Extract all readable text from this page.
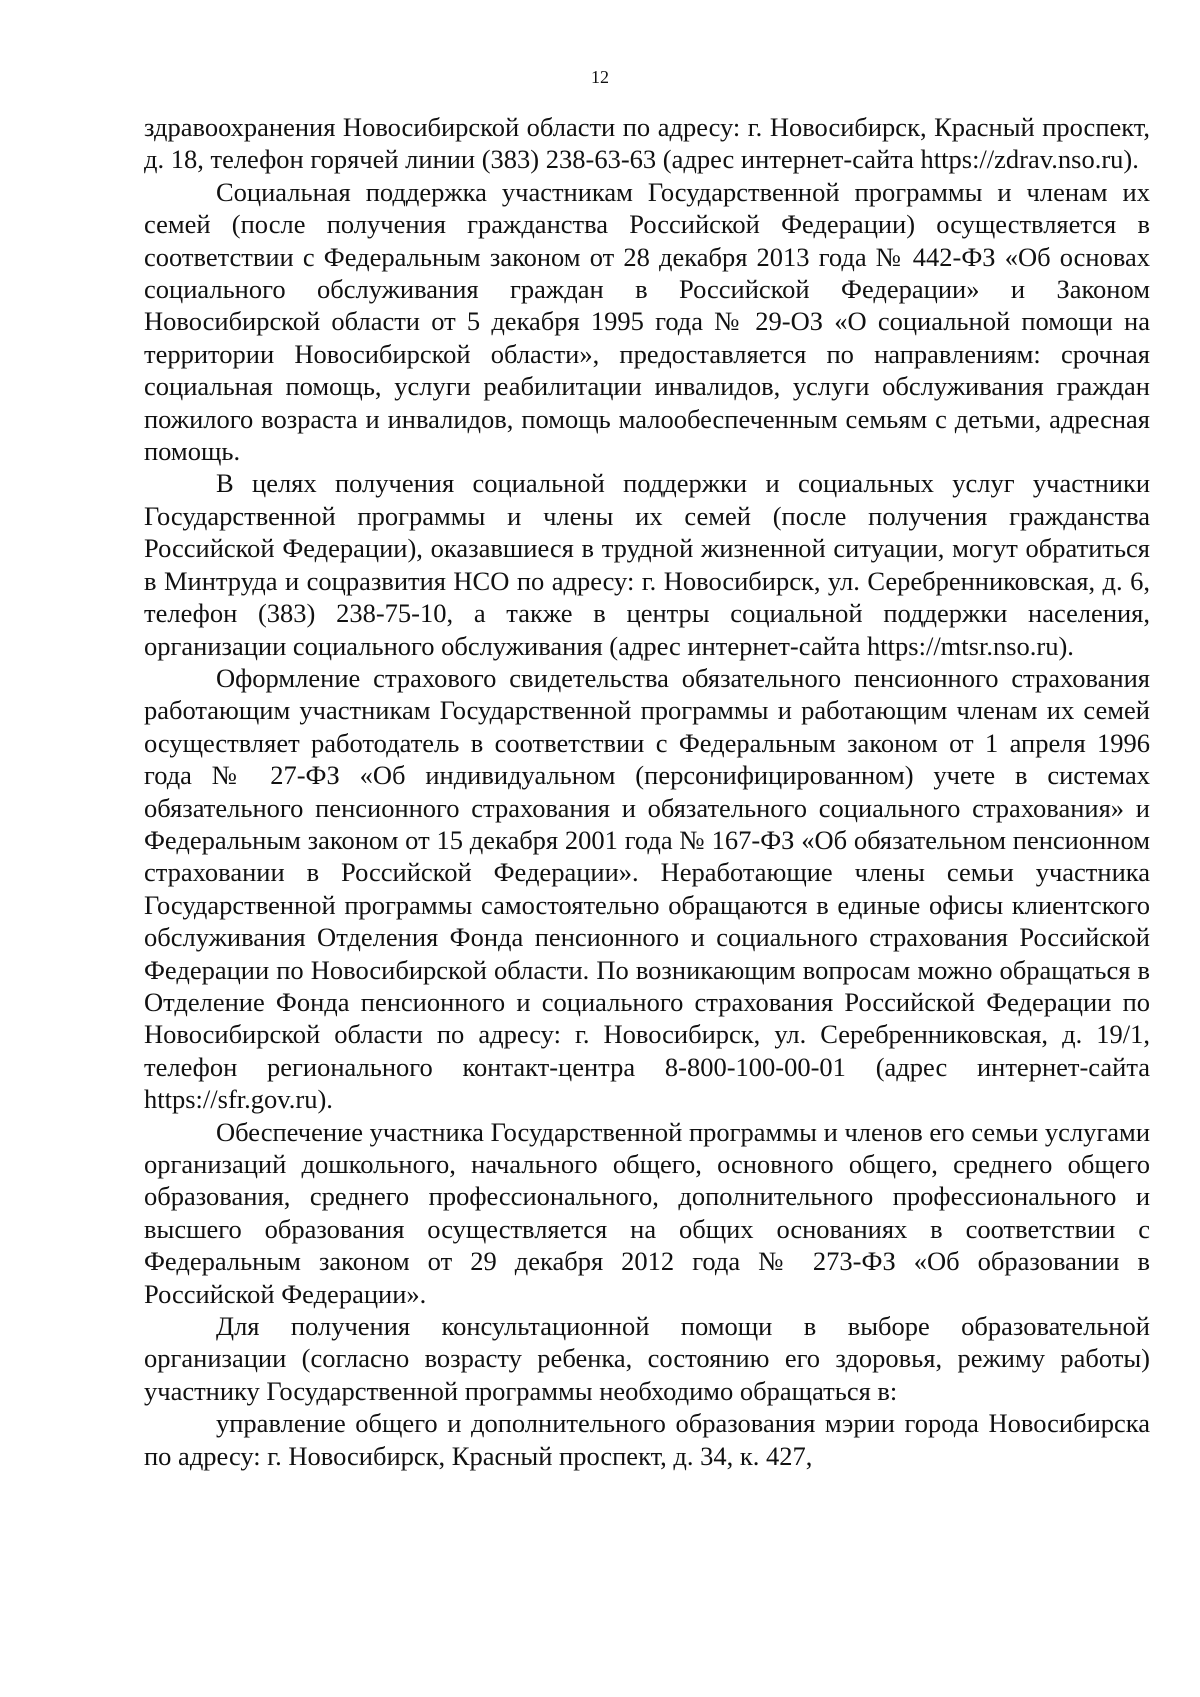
12

здравоохранения Новосибирской области по адресу: г. Новосибирск, Красный проспект, д. 18, телефон горячей линии (383) 238-63-63 (адрес интернет-сайта https://zdrav.nso.ru).

Социальная поддержка участникам Государственной программы и членам их семей (после получения гражданства Российской Федерации) осуществляется в соответствии с Федеральным законом от 28 декабря 2013 года № 442-ФЗ «Об основах социального обслуживания граждан в Российской Федерации» и Законом Новосибирской области от 5 декабря 1995 года № 29-ОЗ «О социальной помощи на территории Новосибирской области», предоставляется по направлениям: срочная социальная помощь, услуги реабилитации инвалидов, услуги обслуживания граждан пожилого возраста и инвалидов, помощь малообеспеченным семьям с детьми, адресная помощь.

В целях получения социальной поддержки и социальных услуг участники Государственной программы и члены их семей (после получения гражданства Российской Федерации), оказавшиеся в трудной жизненной ситуации, могут обратиться в Минтруда и соцразвития НСО по адресу: г. Новосибирск, ул. Серебренниковская, д. 6, телефон (383) 238-75-10, а также в центры социальной поддержки населения, организации социального обслуживания (адрес интернет-сайта https://mtsr.nso.ru).

Оформление страхового свидетельства обязательного пенсионного страхования работающим участникам Государственной программы и работающим членам их семей осуществляет работодатель в соответствии с Федеральным законом от 1 апреля 1996 года № 27-ФЗ «Об индивидуальном (персонифицированном) учете в системах обязательного пенсионного страхования и обязательного социального страхования» и Федеральным законом от 15 декабря 2001 года № 167-ФЗ «Об обязательном пенсионном страховании в Российской Федерации». Неработающие члены семьи участника Государственной программы самостоятельно обращаются в единые офисы клиентского обслуживания Отделения Фонда пенсионного и социального страхования Российской Федерации по Новосибирской области. По возникающим вопросам можно обращаться в Отделение Фонда пенсионного и социального страхования Российской Федерации по Новосибирской области по адресу: г. Новосибирск, ул. Серебренниковская, д. 19/1, телефон регионального контакт-центра 8-800-100-00-01 (адрес интернет-сайта https://sfr.gov.ru).

Обеспечение участника Государственной программы и членов его семьи услугами организаций дошкольного, начального общего, основного общего, среднего общего образования, среднего профессионального, дополнительного профессионального и высшего образования осуществляется на общих основаниях в соответствии с Федеральным законом от 29 декабря 2012 года № 273-ФЗ «Об образовании в Российской Федерации».

Для получения консультационной помощи в выборе образовательной организации (согласно возрасту ребенка, состоянию его здоровья, режиму работы) участнику Государственной программы необходимо обращаться в:

управление общего и дополнительного образования мэрии города Новосибирска по адресу: г. Новосибирск, Красный проспект, д. 34, к. 427,
